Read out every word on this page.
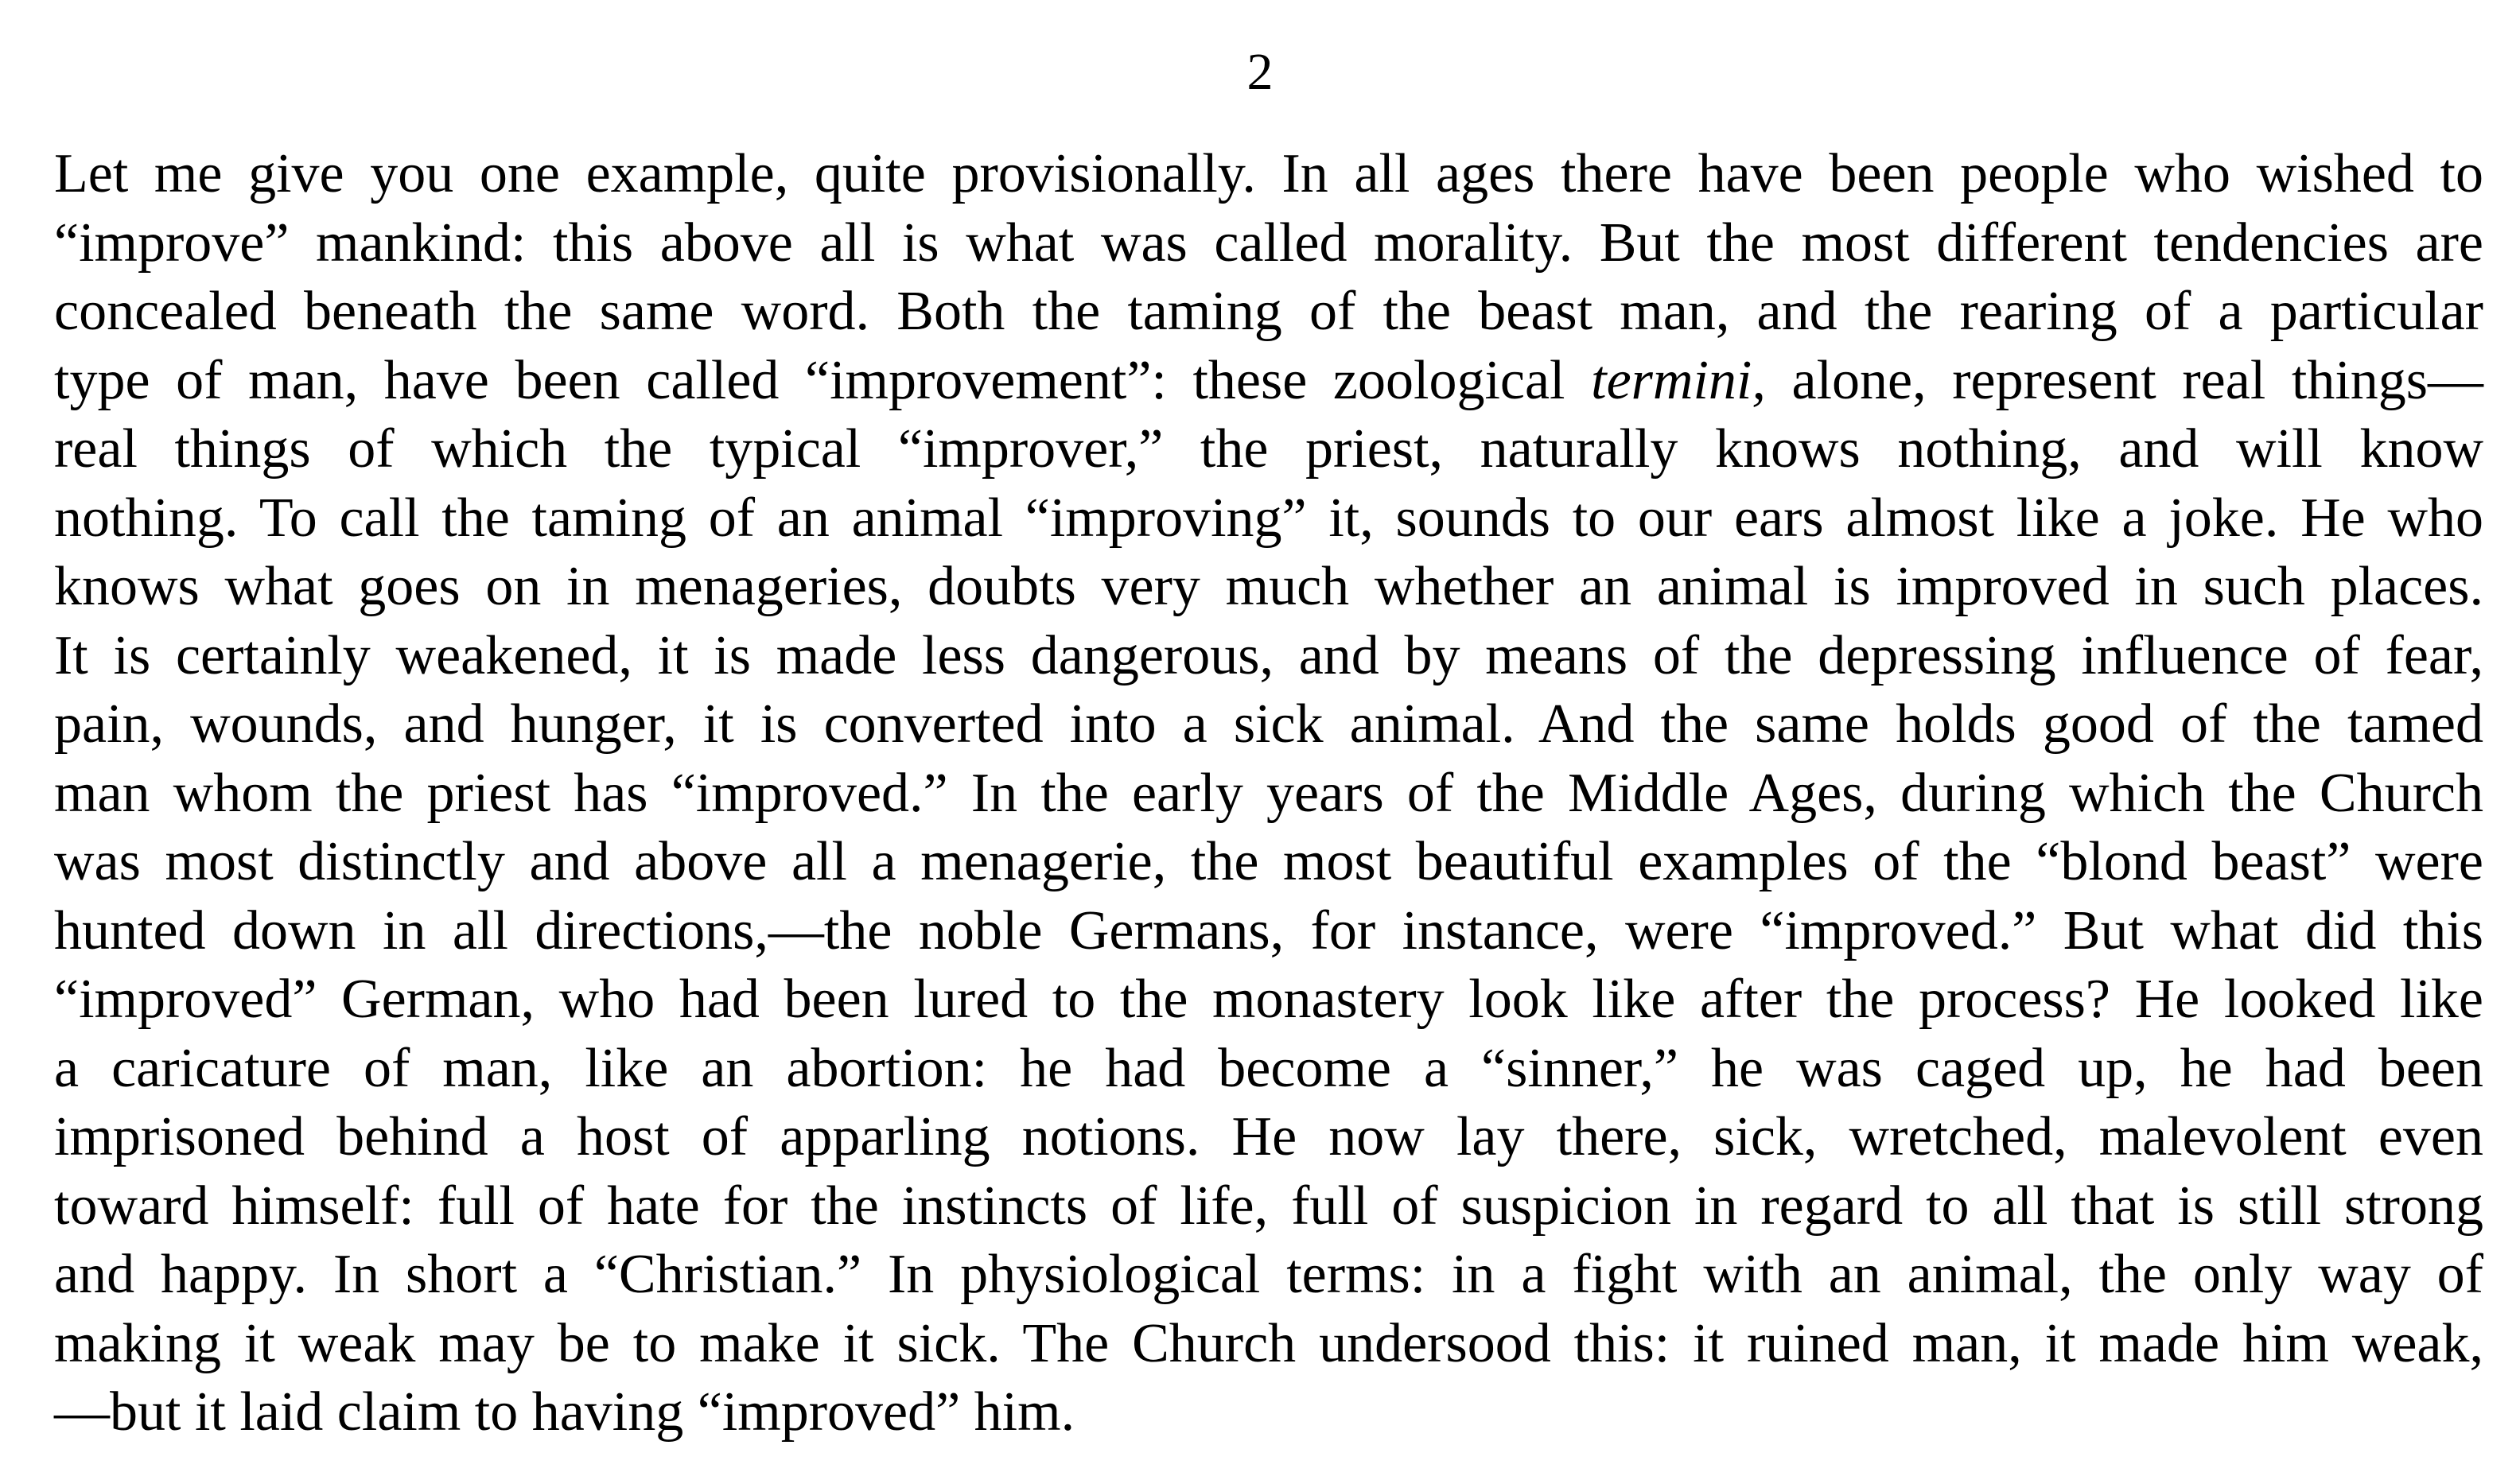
2
Let me give you one example, quite provisionally. In all ages there have been people who wished to
“improve” mankind: this above all is what was called morality. But the most different tendencies are
concealed beneath the same word. Both the taming of the beast man, and the rearing of a particular
type of man, have been called “improvement”: these zoological termini, alone, represent real things—
real things of which the typical “improver,” the priest, naturally knows nothing, and will know
nothing. To call the taming of an animal “improving” it, sounds to our ears almost like a joke. He who
knows what goes on in menageries, doubts very much whether an animal is improved in such places.
It is certainly weakened, it is made less dangerous, and by means of the depressing influence of fear,
pain, wounds, and hunger, it is converted into a sick animal. And the same holds good of the tamed
man whom the priest has “improved.” In the early years of the Middle Ages, during which the Church
was most distinctly and above all a menagerie, the most beautiful examples of the “blond beast” were
hunted down in all directions,—the noble Germans, for instance, were “improved.” But what did this
“improved” German, who had been lured to the monastery look like after the process? He looked like
a caricature of man, like an abortion: he had become a “sinner,” he was caged up, he had been
imprisoned behind a host of apparling notions. He now lay there, sick, wretched, malevolent even
toward himself: full of hate for the instincts of life, full of suspicion in regard to all that is still strong
and happy. In short a “Christian.” In physiological terms: in a fight with an animal, the only way of
making it weak may be to make it sick. The Church undersood this: it ruined man, it made him weak,
—but it laid claim to having “improved” him.
